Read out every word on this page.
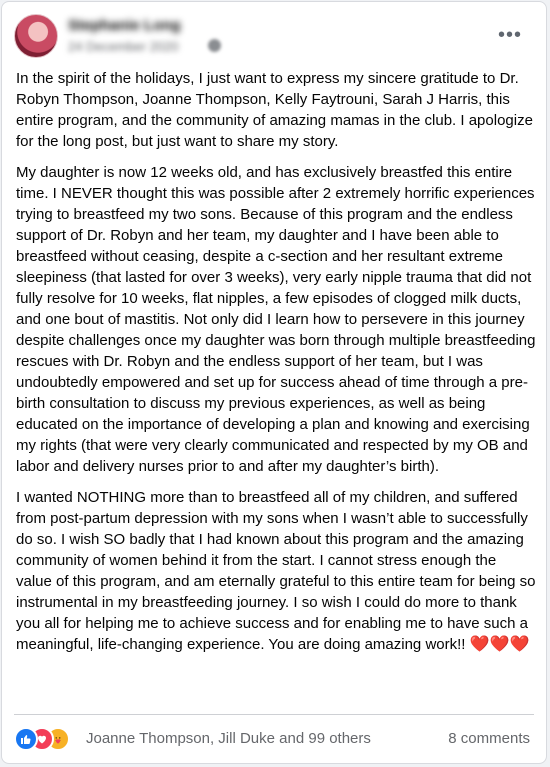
Stephanie Long
24 December 2020
•••

In the spirit of the holidays, I just want to express my sincere gratitude to Dr. Robyn Thompson, Joanne Thompson, Kelly Faytrouni, Sarah J Harris, this entire program, and the community of amazing mamas in the club. I apologize for the long post, but just want to share my story.

My daughter is now 12 weeks old, and has exclusively breastfed this entire time. I NEVER thought this was possible after 2 extremely horrific experiences trying to breastfeed my two sons. Because of this program and the endless support of Dr. Robyn and her team, my daughter and I have been able to breastfeed without ceasing, despite a c-section and her resultant extreme sleepiness (that lasted for over 3 weeks), very early nipple trauma that did not fully resolve for 10 weeks, flat nipples, a few episodes of clogged milk ducts, and one bout of mastitis. Not only did I learn how to persevere in this journey despite challenges once my daughter was born through multiple breastfeeding rescues with Dr. Robyn and the endless support of her team, but I was undoubtedly empowered and set up for success ahead of time through a pre-birth consultation to discuss my previous experiences, as well as being educated on the importance of developing a plan and knowing and exercising my rights (that were very clearly communicated and respected by my OB and labor and delivery nurses prior to and after my daughter’s birth).

I wanted NOTHING more than to breastfeed all of my children, and suffered from post-partum depression with my sons when I wasn’t able to successfully do so. I wish SO badly that I had known about this program and the amazing community of women behind it from the start. I cannot stress enough the value of this program, and am eternally grateful to this entire team for being so instrumental in my breastfeeding journey. I so wish I could do more to thank you all for helping me to achieve success and for enabling me to have such a meaningful, life-changing experience. You are doing amazing work!! ❤️❤️❤️

Joanne Thompson, Jill Duke and 99 others	8 comments
